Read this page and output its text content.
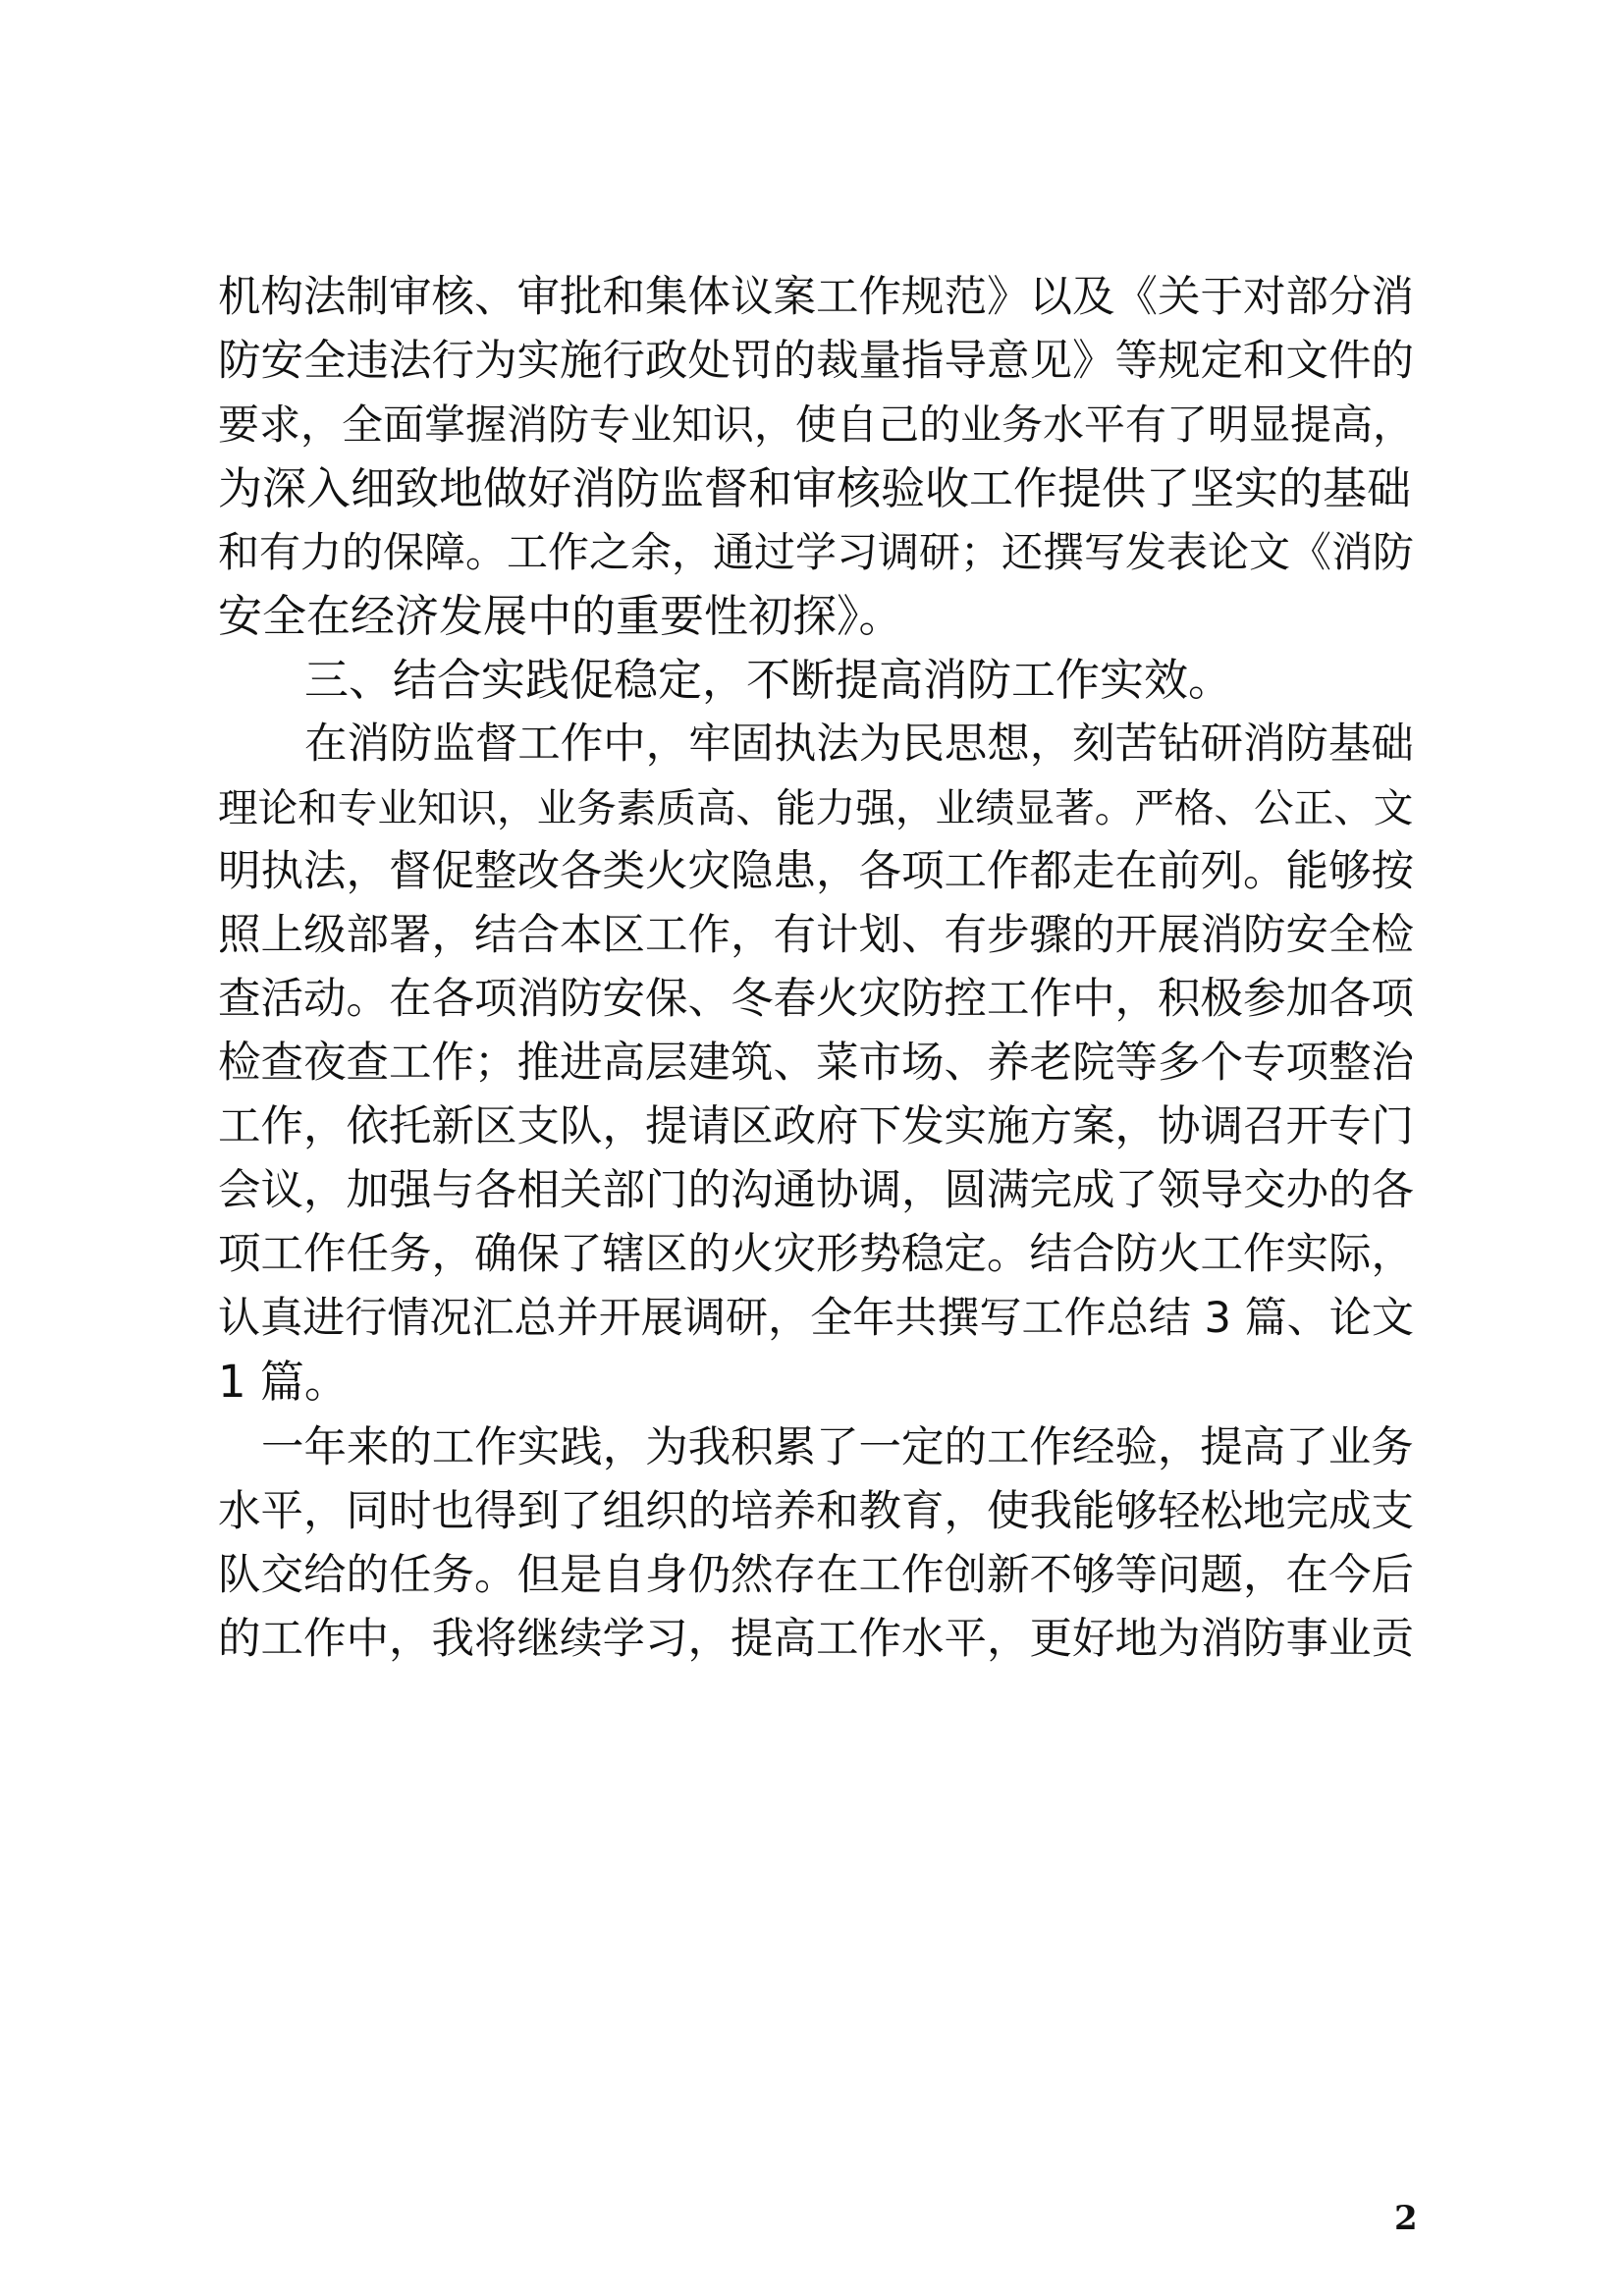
机构法制审核、审批和集体议案工作规范》以及《关于对部分消
防安全违法行为实施行政处罚的裁量指导意见》等规定和文件的
要求，全面掌握消防专业知识，使自己的业务水平有了明显提高，
为深入细致地做好消防监督和审核验收工作提供了坚实的基础
和有力的保障。工作之余，通过学习调研；还撰写发表论文《消防
安全在经济发展中的重要性初探》。
三、结合实践促稳定，不断提高消防工作实效。
在消防监督工作中，牢固执法为民思想，刻苦钻研消防基础
理论和专业知识，业务素质高、能力强，业绩显著。严格、公正、文
明执法，督促整改各类火灾隐患，各项工作都走在前列。能够按
照上级部署，结合本区工作，有计划、有步骤的开展消防安全检
查活动。在各项消防安保、冬春火灾防控工作中，积极参加各项
检查夜查工作；推进高层建筑、菜市场、养老院等多个专项整治
工作，依托新区支队，提请区政府下发实施方案，协调召开专门
会议，加强与各相关部门的沟通协调，圆满完成了领导交办的各
项工作任务，确保了辖区的火灾形势稳定。结合防火工作实际，
认真进行情况汇总并开展调研，全年共撰写工作总结 3 篇、论文
1 篇。
一年来的工作实践，为我积累了一定的工作经验，提高了业务
水平，同时也得到了组织的培养和教育，使我能够轻松地完成支
队交给的任务。但是自身仍然存在工作创新不够等问题，在今后
的工作中，我将继续学习，提高工作水平，更好地为消防事业贡
2
